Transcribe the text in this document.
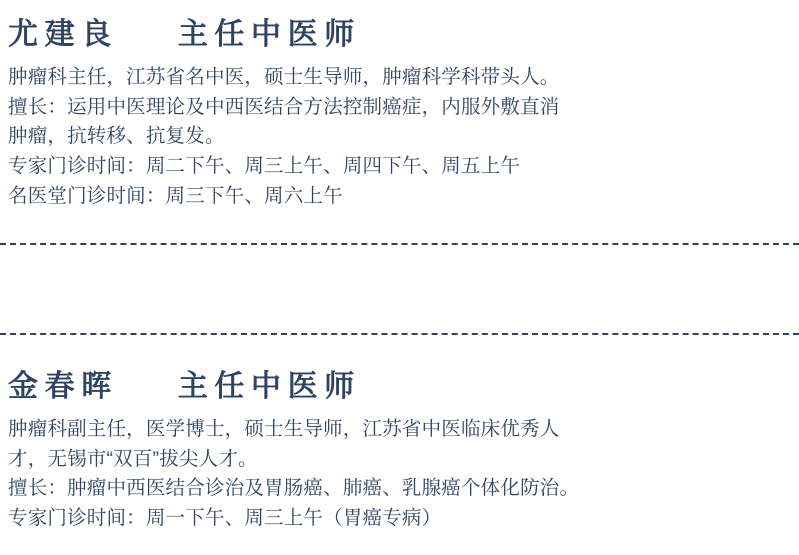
尤建良 主任中医师
肿瘤科主任，江苏省名中医，硕士生导师，肿瘤科学科带头人。
擅长：运用中医理论及中西医结合方法控制癌症，内服外敷直消
肿瘤，抗转移、抗复发。
专家门诊时间：周二下午、周三上午、周四下午、周五上午
名医堂门诊时间：周三下午、周六上午
金春晖 主任中医师
肿瘤科副主任，医学博士，硕士生导师，江苏省中医临床优秀人
才，无锡市“双百”拔尖人才。
擅长：肿瘤中西医结合诊治及胃肠癌、肺癌、乳腺癌个体化防治。
专家门诊时间：周一下午、周三上午（胃癌专病）
